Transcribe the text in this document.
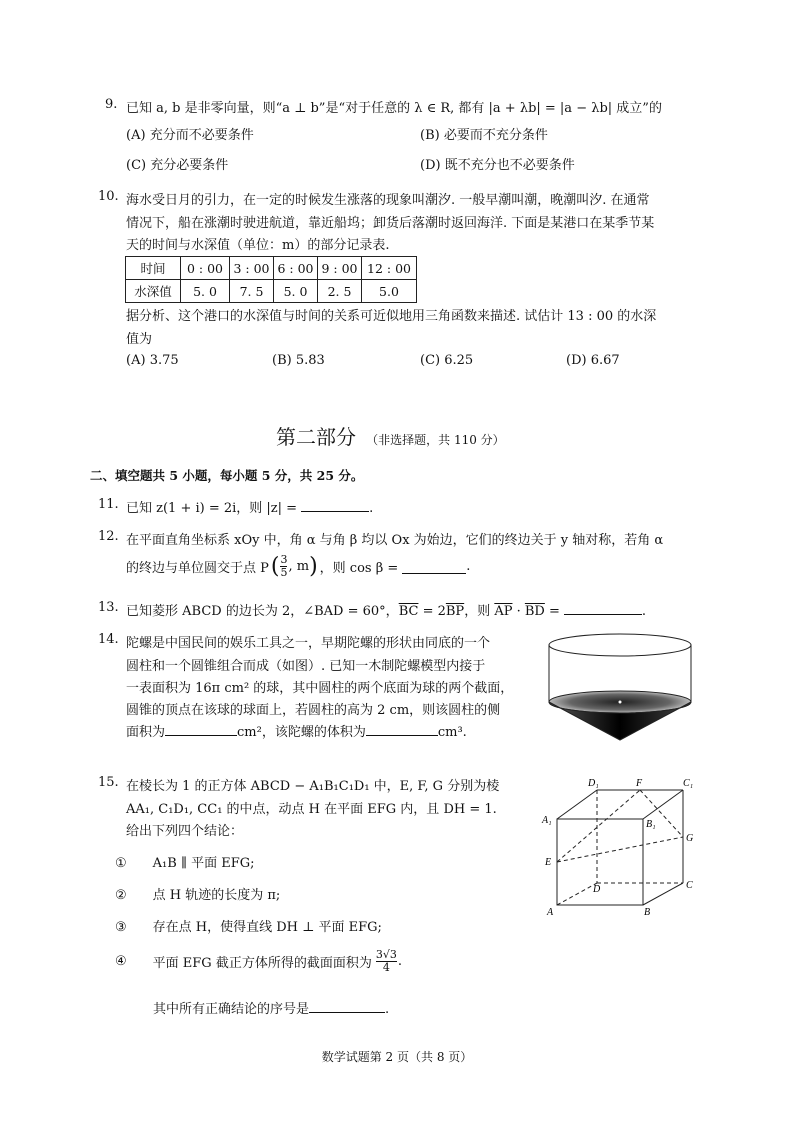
9. 已知 a, b 是非零向量，则“a ⊥ b”是“对于任意的 λ ∈ R, 都有 |a + λb| = |a − λb| 成立”的
(A) 充分而不必要条件	(B) 必要而不充分条件
(C) 充分必要条件	(D) 既不充分也不必要条件
10. 海水受日月的引力，在一定的时候发生涨落的现象叫潮汐. 一般早潮叫潮，晚潮叫汐. 在通常
情况下，船在涨潮时驶进航道，靠近船坞；卸货后落潮时返回海洋. 下面是某港口在某季节某
天的时间与水深值（单位：m）的部分记录表.
时间	0 : 00	3 : 00	6 : 00	9 : 00	12 : 00
水深值	5. 0	7. 5	5. 0	2. 5	5.0
据分析、这个港口的水深值与时间的关系可近似地用三角函数来描述. 试估计 13 : 00 的水深
值为
(A) 3.75	(B) 5.83	(C) 6.25	(D) 6.67
第二部分 （非选择题，共 110 分）
二、填空题共 5 小题，每小题 5 分，共 25 分。
11. 已知 z(1 + i) = 2i，则 |z| =	.
12. 在平面直角坐标系 xOy 中，角 α 与角 β 均以 Ox 为始边，它们的终边关于 y 轴对称，若角 α
的终边与单位圆交于点 P ( $\frac{3}{5}$ , m ) ，则 cos β =	.
13. 已知菱形 ABCD 的边长为 2，∠BAD = 60°，$\overline{BC} = 2\overline{BP}$，则 $\overline{AP} \cdot \overline{BD}$ =	.
14. 陀螺是中国民间的娱乐工具之一，早期陀螺的形状由同底的一个
圆柱和一个圆锥组合而成（如图）. 已知一木制陀螺模型内接于
一表面积为 16π cm² 的球，其中圆柱的两个底面为球的两个截面，
圆锥的顶点在该球的球面上，若圆柱的高为 2 cm，则该圆柱的侧
面积为	cm²，该陀螺的体积为	cm³.
15. 在棱长为 1 的正方体 ABCD − A₁B₁C₁D₁ 中，E, F, G 分别为棱
AA₁, C₁D₁, CC₁ 的中点，动点 H 在平面 EFG 内，且 DH = 1.
给出下列四个结论：
① A₁B ∥ 平面 EFG;
② 点 H 轨迹的长度为 π;
③ 存在点 H，使得直线 DH ⊥ 平面 EFG;
④ 平面 EFG 截正方体所得的截面面积为 $\frac{3√3}{4}$ .
其中所有正确结论的序号是	.
D₁	F	C₁
A₁	B₁
G
E
D	C
A	B
数学试题第 2 页（共 8 页）
